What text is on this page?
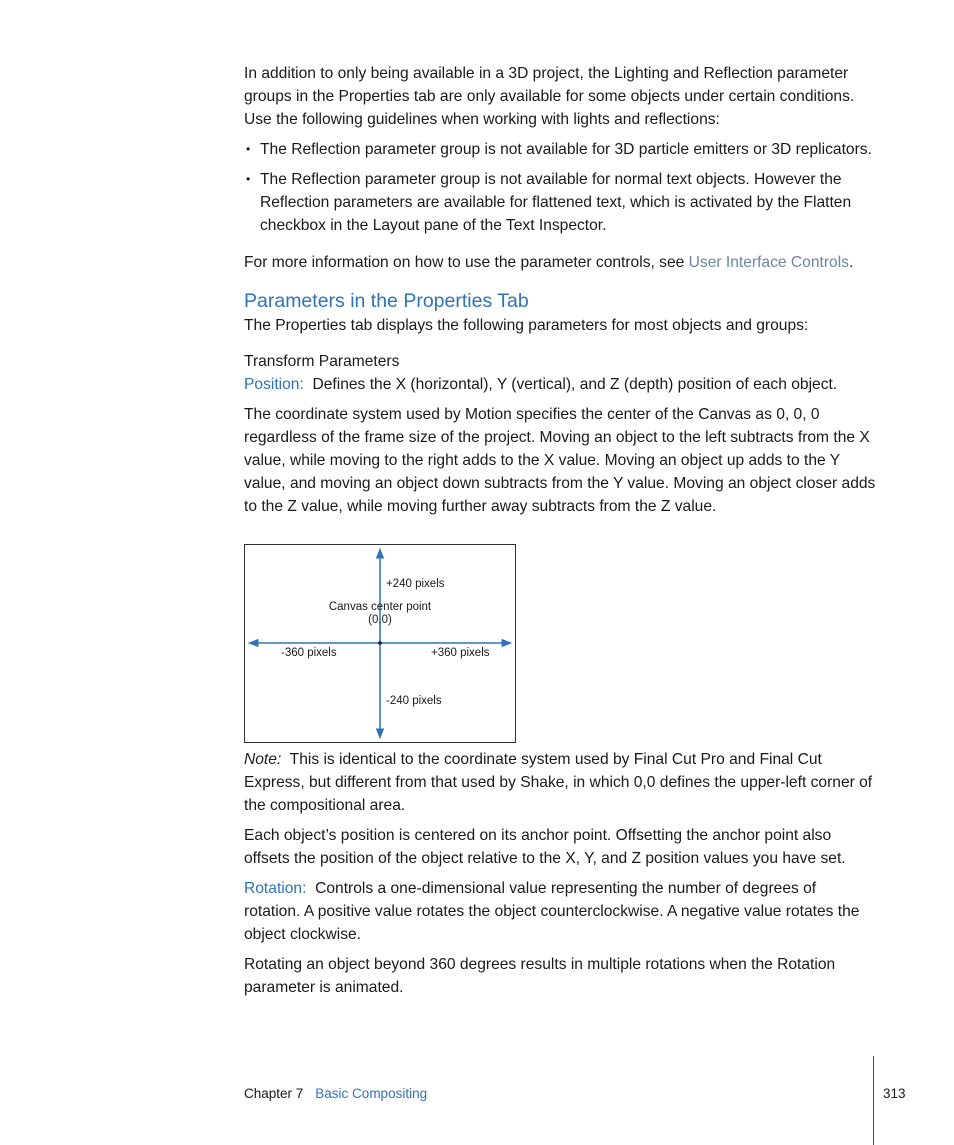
In addition to only being available in a 3D project, the Lighting and Reflection parameter groups in the Properties tab are only available for some objects under certain conditions. Use the following guidelines when working with lights and reflections:

• The Reflection parameter group is not available for 3D particle emitters or 3D replicators.
• The Reflection parameter group is not available for normal text objects. However the Reflection parameters are available for flattened text, which is activated by the Flatten checkbox in the Layout pane of the Text Inspector.

For more information on how to use the parameter controls, see User Interface Controls.

Parameters in the Properties Tab

The Properties tab displays the following parameters for most objects and groups:

Transform Parameters

Position: Defines the X (horizontal), Y (vertical), and Z (depth) position of each object.

The coordinate system used by Motion specifies the center of the Canvas as 0, 0, 0 regardless of the frame size of the project. Moving an object to the left subtracts from the X value, while moving to the right adds to the X value. Moving an object up adds to the Y value, and moving an object down subtracts from the Y value. Moving an object closer adds to the Z value, while moving further away subtracts from the Z value.

+240 pixels
Canvas center point
(0,0)
-360 pixels	+360 pixels
-240 pixels

Note: This is identical to the coordinate system used by Final Cut Pro and Final Cut Express, but different from that used by Shake, in which 0,0 defines the upper-left corner of the compositional area.

Each object’s position is centered on its anchor point. Offsetting the anchor point also offsets the position of the object relative to the X, Y, and Z position values you have set.

Rotation: Controls a one-dimensional value representing the number of degrees of rotation. A positive value rotates the object counterclockwise. A negative value rotates the object clockwise.

Rotating an object beyond 360 degrees results in multiple rotations when the Rotation parameter is animated.

Chapter 7 Basic Compositing	313
